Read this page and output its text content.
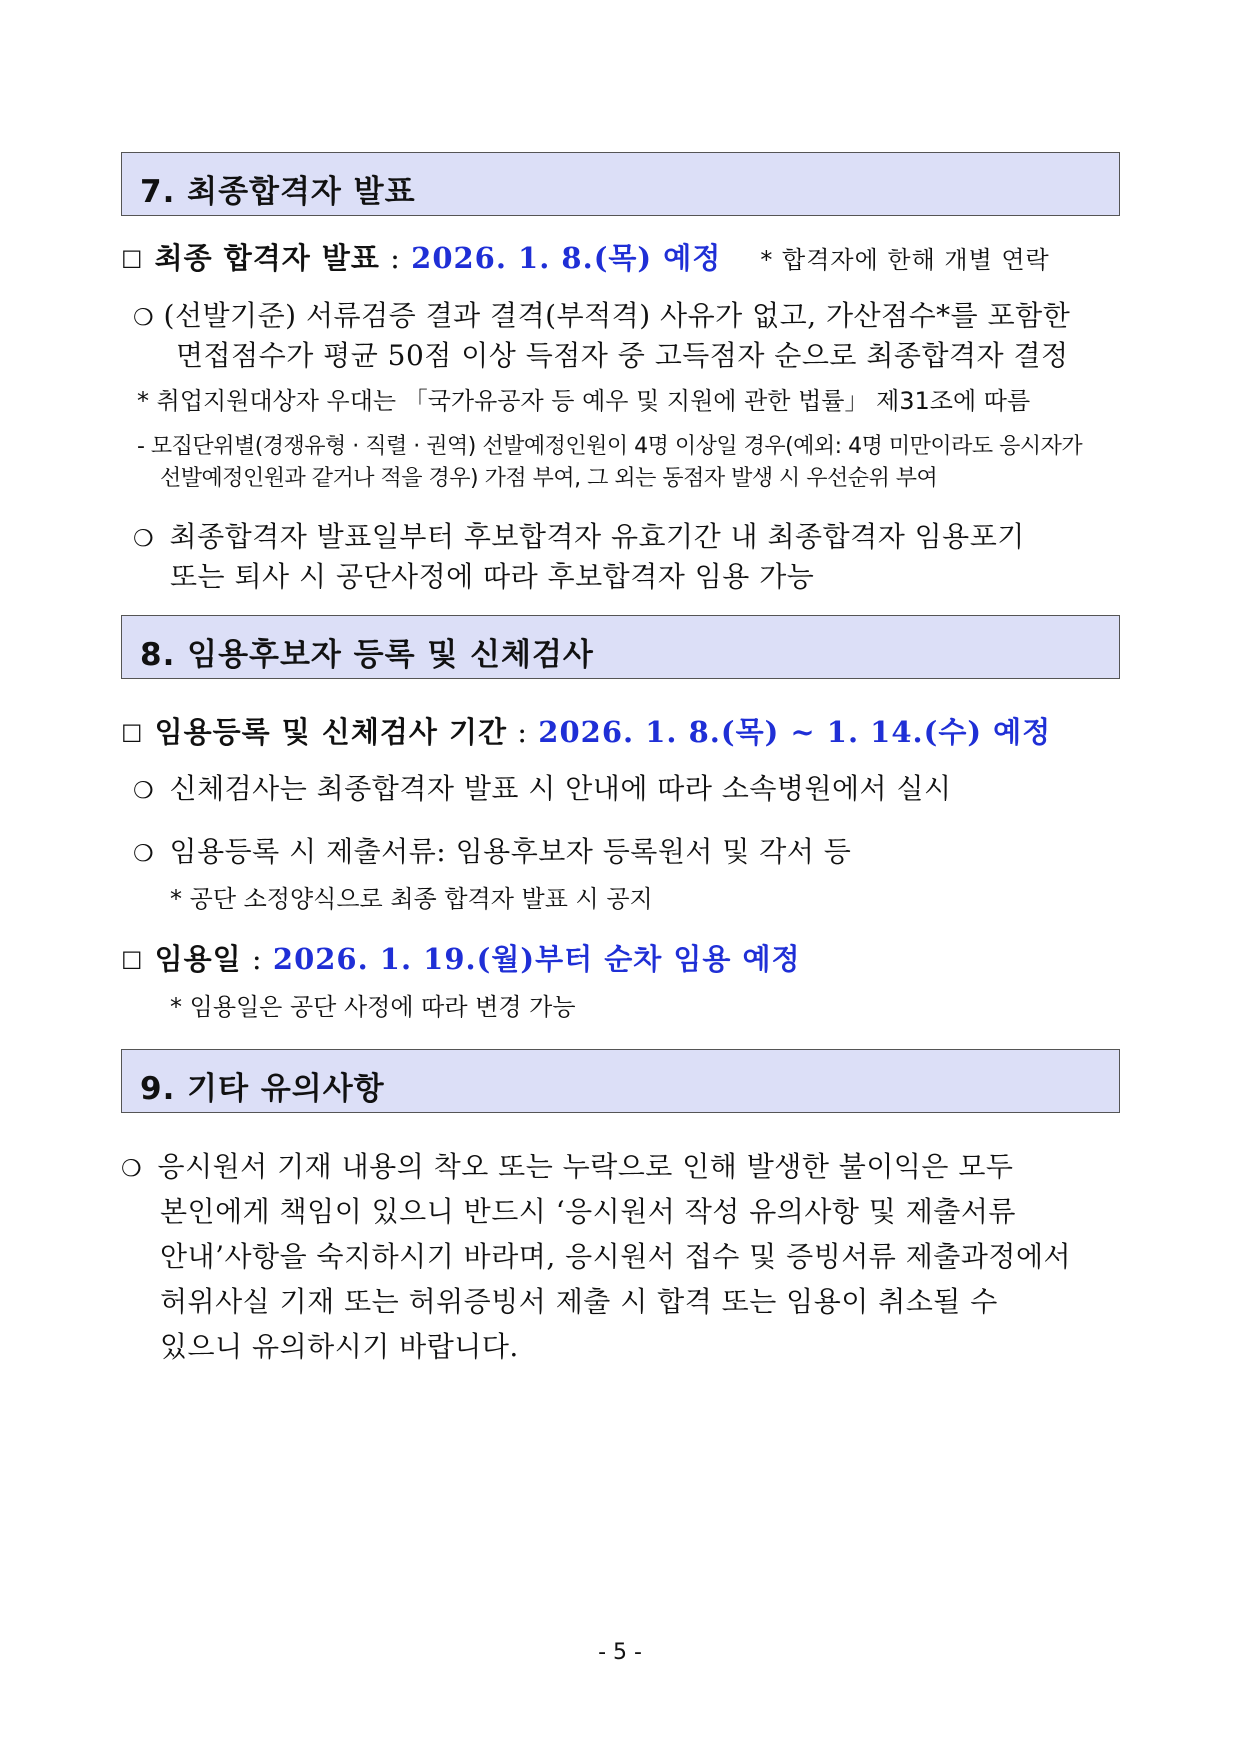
7. 최종합격자 발표
☐ 최종 합격자 발표 : 2026. 1. 8.(목) 예정 * 합격자에 한해 개별 연락
❍ (선발기준) 서류검증 결과 결격(부적격) 사유가 없고, 가산점수*를 포함한
면접점수가 평균 50점 이상 득점자 중 고득점자 순으로 최종합격자 결정
* 취업지원대상자 우대는 「국가유공자 등 예우 및 지원에 관한 법률」 제31조에 따름
- 모집단위별(경쟁유형 · 직렬 · 권역) 선발예정인원이 4명 이상일 경우(예외: 4명 미만이라도 응시자가
선발예정인원과 같거나 적을 경우) 가점 부여, 그 외는 동점자 발생 시 우선순위 부여
❍ 최종합격자 발표일부터 후보합격자 유효기간 내 최종합격자 임용포기
또는 퇴사 시 공단사정에 따라 후보합격자 임용 가능
8. 임용후보자 등록 및 신체검사
☐ 임용등록 및 신체검사 기간 : 2026. 1. 8.(목) ~ 1. 14.(수) 예정
❍ 신체검사는 최종합격자 발표 시 안내에 따라 소속병원에서 실시
❍ 임용등록 시 제출서류: 임용후보자 등록원서 및 각서 등
* 공단 소정양식으로 최종 합격자 발표 시 공지
☐ 임용일 : 2026. 1. 19.(월)부터 순차 임용 예정
* 임용일은 공단 사정에 따라 변경 가능
9. 기타 유의사항
❍ 응시원서 기재 내용의 착오 또는 누락으로 인해 발생한 불이익은 모두
본인에게 책임이 있으니 반드시 ‘응시원서 작성 유의사항 및 제출서류
안내’사항을 숙지하시기 바라며, 응시원서 접수 및 증빙서류 제출과정에서
허위사실 기재 또는 허위증빙서 제출 시 합격 또는 임용이 취소될 수
있으니 유의하시기 바랍니다.
- 5 -
